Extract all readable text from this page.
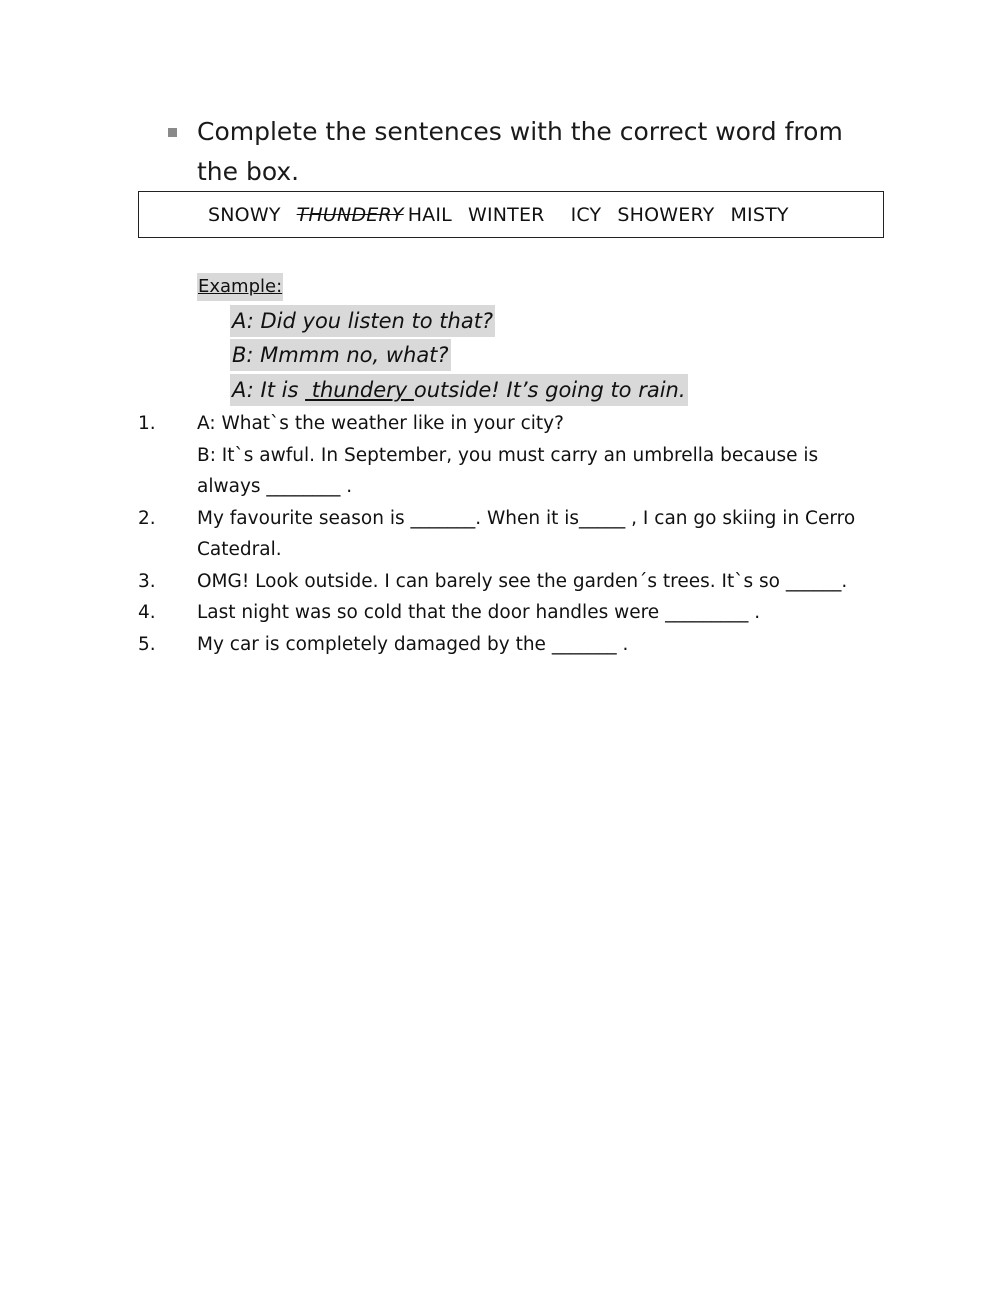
Complete the sentences with the correct word from the box.
SNOWY THUNDERY HAIL WINTER ICY SHOWERY MISTY
Example:
A: Did you listen to that?
B: Mmmm no, what?
A: It is  thundery outside! It’s going to rain.
1.	A: What`s the weather like in your city?
B: It`s awful. In September, you must carry an umbrella because is always ________ .
2.	My favourite season is _______. When it is_____ , I can go skiing in Cerro Catedral.
3.	OMG! Look outside. I can barely see the garden´s trees. It`s so ______.
4.	Last night was so cold that the door handles were _________ .
5.	My car is completely damaged by the _______ .
